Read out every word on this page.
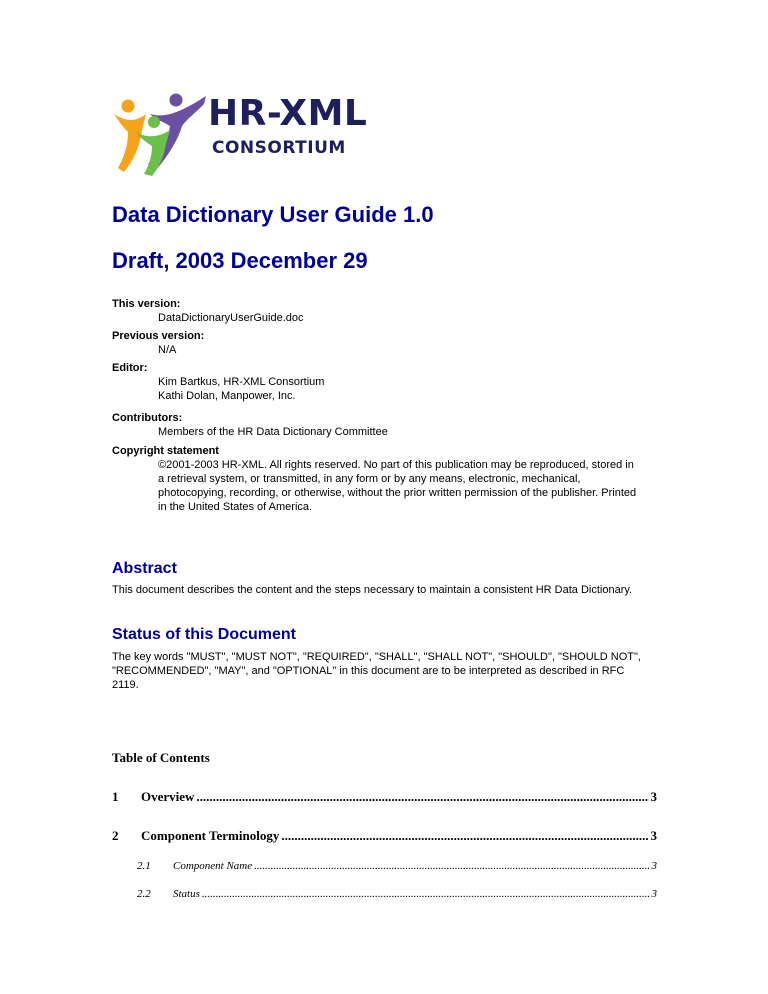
HR-XML
CONSORTIUM
Data Dictionary User Guide 1.0
Draft, 2003 December 29
This version:
DataDictionaryUserGuide.doc
Previous version:
N/A
Editor:
Kim Bartkus, HR-XML Consortium
Kathi Dolan, Manpower, Inc.
Contributors:
Members of the HR Data Dictionary Committee
Copyright statement
©2001-2003 HR-XML. All rights reserved. No part of this publication may be reproduced, stored in a retrieval system, or transmitted, in any form or by any means, electronic, mechanical, photocopying, recording, or otherwise, without the prior written permission of the publisher. Printed in the United States of America.
Abstract

This document describes the content and the steps necessary to maintain a consistent HR Data Dictionary.

Status of this Document

The key words "MUST", "MUST NOT", "REQUIRED", "SHALL", "SHALL NOT", "SHOULD", "SHOULD NOT", "RECOMMENDED", "MAY", and "OPTIONAL" in this document are to be interpreted as described in RFC 2119.

Table of Contents
1	Overview .....	3
2	Component Terminology .....	3
2.1	Component Name .....	3
2.2	Status .....	3
